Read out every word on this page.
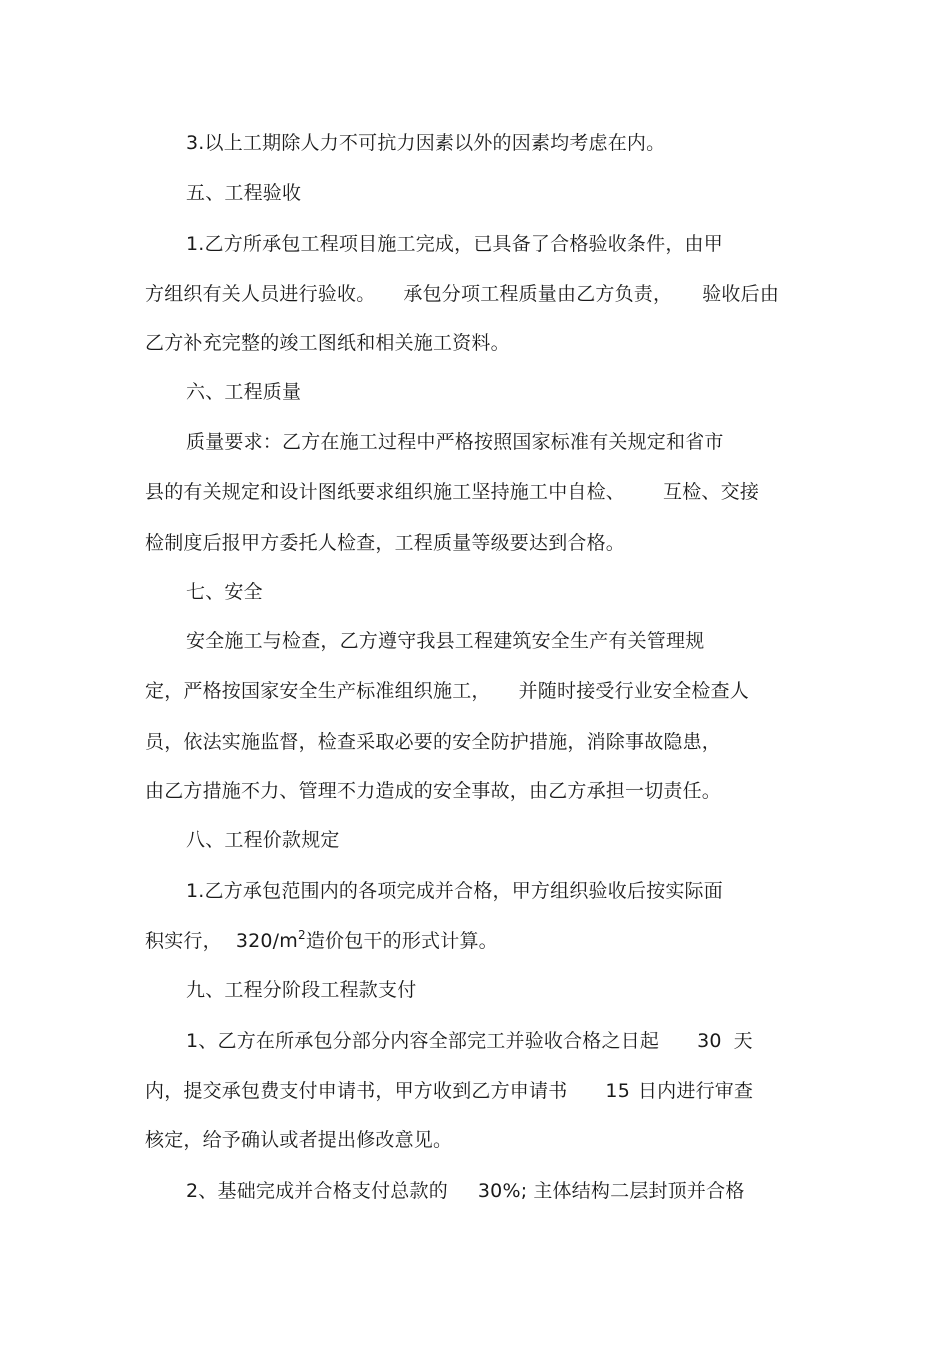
3.以上工期除人力不可抗力因素以外的因素均考虑在内。
五、工程验收
1.乙方所承包工程项目施工完成，已具备了合格验收条件，由甲
方组织有关人员进行验收。 承包分项工程质量由乙方负责， 验收后由
乙方补充完整的竣工图纸和相关施工资料。
六、工程质量
质量要求：乙方在施工过程中严格按照国家标准有关规定和省市
县的有关规定和设计图纸要求组织施工坚持施工中自检、 互检、交接
检制度后报甲方委托人检查，工程质量等级要达到合格。
七、安全
安全施工与检查，乙方遵守我县工程建筑安全生产有关管理规
定，严格按国家安全生产标准组织施工， 并随时接受行业安全检查人
员，依法实施监督，检查采取必要的安全防护措施，消除事故隐患，
由乙方措施不力、管理不力造成的安全事故，由乙方承担一切责任。
八、工程价款规定
1.乙方承包范围内的各项完成并合格，甲方组织验收后按实际面
积实行， $320/m^2$造价包干的形式计算。
九、工程分阶段工程款支付
1、乙方在所承包分部分内容全部完工并验收合格之日起 30 天
内，提交承包费支付申请书，甲方收到乙方申请书 15 日内进行审查
核定，给予确认或者提出修改意见。
2、基础完成并合格支付总款的 30%; 主体结构二层封顶并合格
